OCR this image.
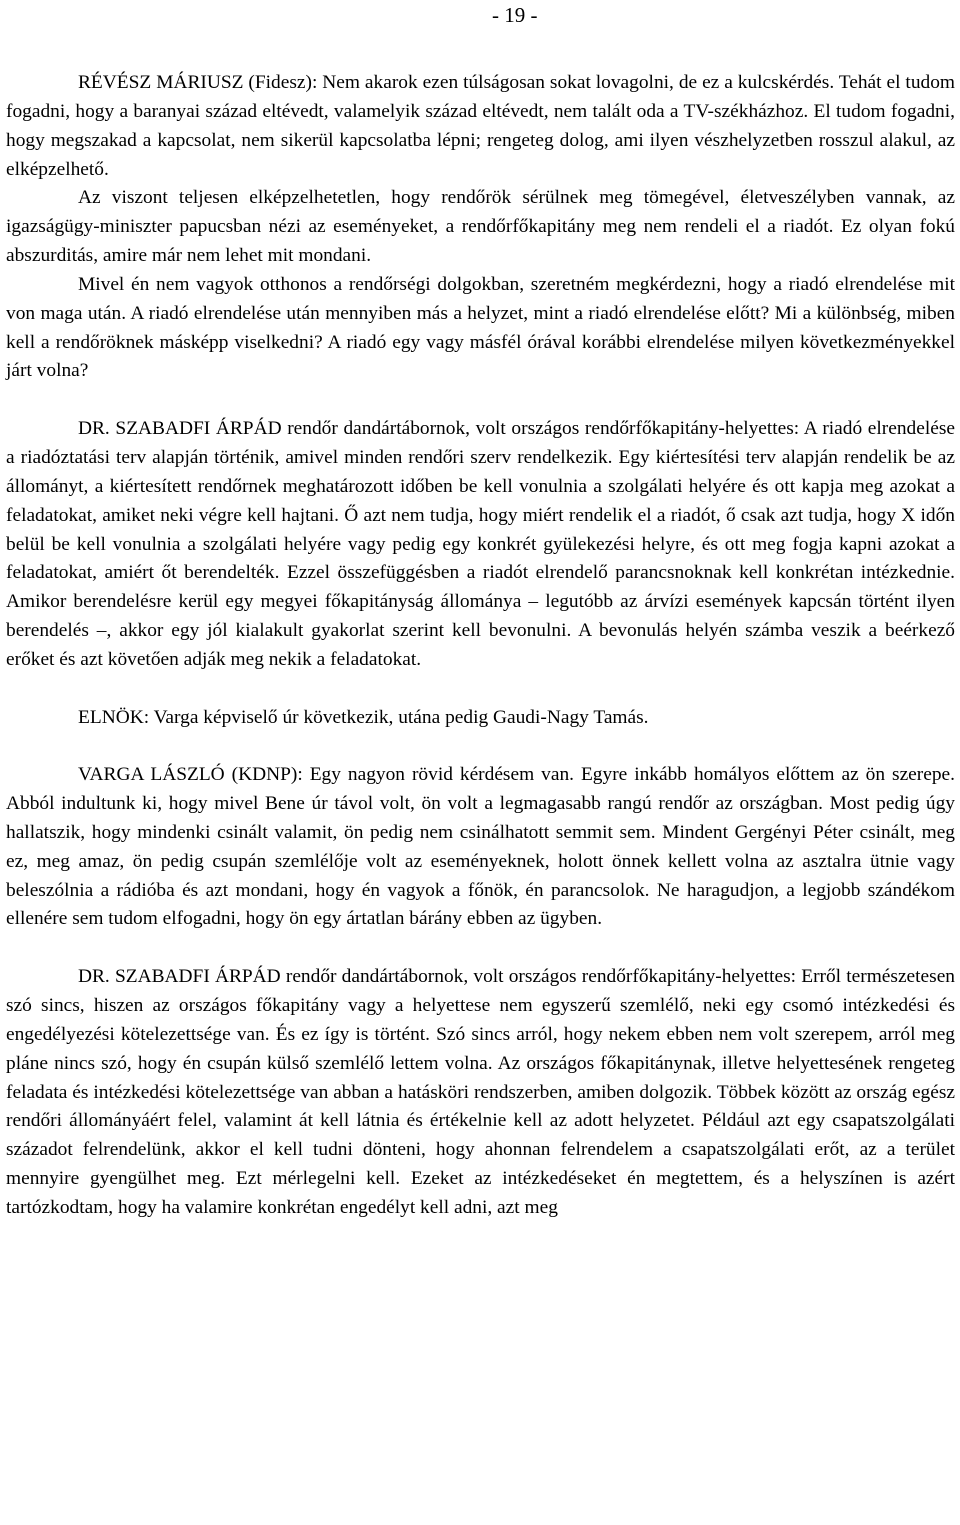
- 19 -

RÉVÉSZ MÁRIUSZ (Fidesz): Nem akarok ezen túlságosan sokat lovagolni, de ez a kulcskérdés. Tehát el tudom fogadni, hogy a baranyai század eltévedt, valamelyik század eltévedt, nem talált oda a TV-székházhoz. El tudom fogadni, hogy megszakad a kapcsolat, nem sikerül kapcsolatba lépni; rengeteg dolog, ami ilyen vészhelyzetben rosszul alakul, az elképzelhető.

Az viszont teljesen elképzelhetetlen, hogy rendőrök sérülnek meg tömegével, életveszélyben vannak, az igazságügy-miniszter papucsban nézi az eseményeket, a rendőrfőkapitány meg nem rendeli el a riadót. Ez olyan fokú abszurditás, amire már nem lehet mit mondani.

Mivel én nem vagyok otthonos a rendőrségi dolgokban, szeretném megkérdezni, hogy a riadó elrendelése mit von maga után. A riadó elrendelése után mennyiben más a helyzet, mint a riadó elrendelése előtt? Mi a különbség, miben kell a rendőröknek másképp viselkedni? A riadó egy vagy másfél órával korábbi elrendelése milyen következményekkel járt volna?

DR. SZABADFI ÁRPÁD rendőr dandártábornok, volt országos rendőrfőkapitány-helyettes: A riadó elrendelése a riadóztatási terv alapján történik, amivel minden rendőri szerv rendelkezik. Egy kiértesítési terv alapján rendelik be az állományt, a kiértesített rendőrnek meghatározott időben be kell vonulnia a szolgálati helyére és ott kapja meg azokat a feladatokat, amiket neki végre kell hajtani. Ő azt nem tudja, hogy miért rendelik el a riadót, ő csak azt tudja, hogy X időn belül be kell vonulnia a szolgálati helyére vagy pedig egy konkrét gyülekezési helyre, és ott meg fogja kapni azokat a feladatokat, amiért őt berendelték. Ezzel összefüggésben a riadót elrendelő parancsnoknak kell konkrétan intézkednie. Amikor berendelésre kerül egy megyei főkapitányság állománya – legutóbb az árvízi események kapcsán történt ilyen berendelés –, akkor egy jól kialakult gyakorlat szerint kell bevonulni. A bevonulás helyén számba veszik a beérkező erőket és azt követően adják meg nekik a feladatokat.

ELNÖK: Varga képviselő úr következik, utána pedig Gaudi-Nagy Tamás.

VARGA LÁSZLÓ (KDNP): Egy nagyon rövid kérdésem van. Egyre inkább homályos előttem az ön szerepe. Abból indultunk ki, hogy mivel Bene úr távol volt, ön volt a legmagasabb rangú rendőr az országban. Most pedig úgy hallatszik, hogy mindenki csinált valamit, ön pedig nem csinálhatott semmit sem. Mindent Gergényi Péter csinált, meg ez, meg amaz, ön pedig csupán szemlélője volt az eseményeknek, holott önnek kellett volna az asztalra ütnie vagy beleszólnia a rádióba és azt mondani, hogy én vagyok a főnök, én parancsolok. Ne haragudjon, a legjobb szándékom ellenére sem tudom elfogadni, hogy ön egy ártatlan bárány ebben az ügyben.

DR. SZABADFI ÁRPÁD rendőr dandártábornok, volt országos rendőrfőkapitány-helyettes: Erről természetesen szó sincs, hiszen az országos főkapitány vagy a helyettese nem egyszerű szemlélő, neki egy csomó intézkedési és engedélyezési kötelezettsége van. És ez így is történt. Szó sincs arról, hogy nekem ebben nem volt szerepem, arról meg pláne nincs szó, hogy én csupán külső szemlélő lettem volna. Az országos főkapitánynak, illetve helyettesének rengeteg feladata és intézkedési kötelezettsége van abban a hatásköri rendszerben, amiben dolgozik. Többek között az ország egész rendőri állományáért felel, valamint át kell látnia és értékelnie kell az adott helyzetet. Például azt egy csapatszolgálati századot felrendelünk, akkor el kell tudni dönteni, hogy ahonnan felrendelem a csapatszolgálati erőt, az a terület mennyire gyengülhet meg. Ezt mérlegelni kell. Ezeket az intézkedéseket én megtettem, és a helyszínen is azért tartózkodtam, hogy ha valamire konkrétan engedélyt kell adni, azt meg
